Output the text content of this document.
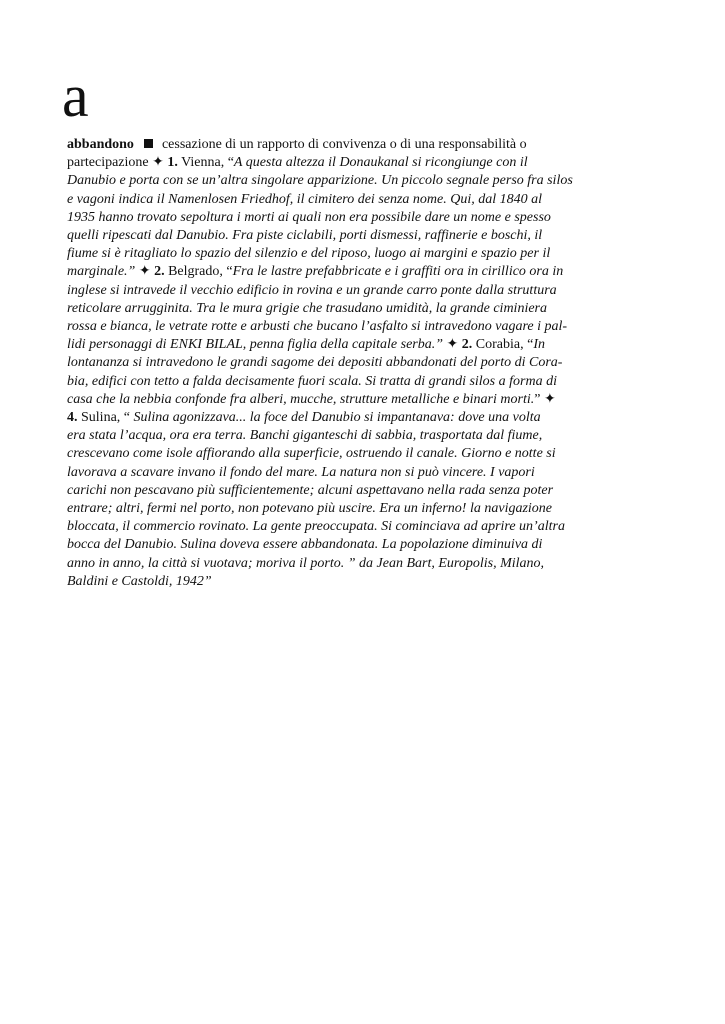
a
abbandono cessazione di un rapporto di convivenza o di una responsabilità o
partecipazione ✦ 1. Vienna, “A questa altezza il Donaukanal si ricongiunge con il
Danubio e porta con se un’altra singolare apparizione. Un piccolo segnale perso fra silos
e vagoni indica il Namenlosen Friedhof, il cimitero dei senza nome. Qui, dal 1840 al
1935 hanno trovato sepoltura i morti ai quali non era possibile dare un nome e spesso
quelli ripescati dal Danubio. Fra piste ciclabili, porti dismessi, raffinerie e boschi, il
fiume si è ritagliato lo spazio del silenzio e del riposo, luogo ai margini e spazio per il
marginale.” ✦ 2. Belgrado, “Fra le lastre prefabbricate e i graffiti ora in cirillico ora in
inglese si intravede il vecchio edificio in rovina e un grande carro ponte dalla struttura
reticolare arrugginita. Tra le mura grigie che trasudano umidità, la grande ciminiera
rossa e bianca, le vetrate rotte e arbusti che bucano l’asfalto si intravedono vagare i pal-
lidi personaggi di ENKI BILAL, penna figlia della capitale serba.” ✦ 2. Corabia, “In
lontananza si intravedono le grandi sagome dei depositi abbandonati del porto di Cora-
bia, edifici con tetto a falda decisamente fuori scala. Si tratta di grandi silos a forma di
casa che la nebbia confonde fra alberi, mucche, strutture metalliche e binari morti.” ✦
4. Sulina, “ Sulina agonizzava... la foce del Danubio si impantanava: dove una volta
era stata l’acqua, ora era terra. Banchi giganteschi di sabbia, trasportata dal fiume,
crescevano come isole affiorando alla superficie, ostruendo il canale. Giorno e notte si
lavorava a scavare invano il fondo del mare. La natura non si può vincere. I vapori
carichi non pescavano più sufficientemente; alcuni aspettavano nella rada senza poter
entrare; altri, fermi nel porto, non potevano più uscire. Era un inferno! la navigazione
bloccata, il commercio rovinato. La gente preoccupata. Si cominciava ad aprire un’altra
bocca del Danubio. Sulina doveva essere abbandonata. La popolazione diminuiva di
anno in anno, la città si vuotava; moriva il porto. ” da Jean Bart, Europolis, Milano,
Baldini e Castoldi, 1942”
